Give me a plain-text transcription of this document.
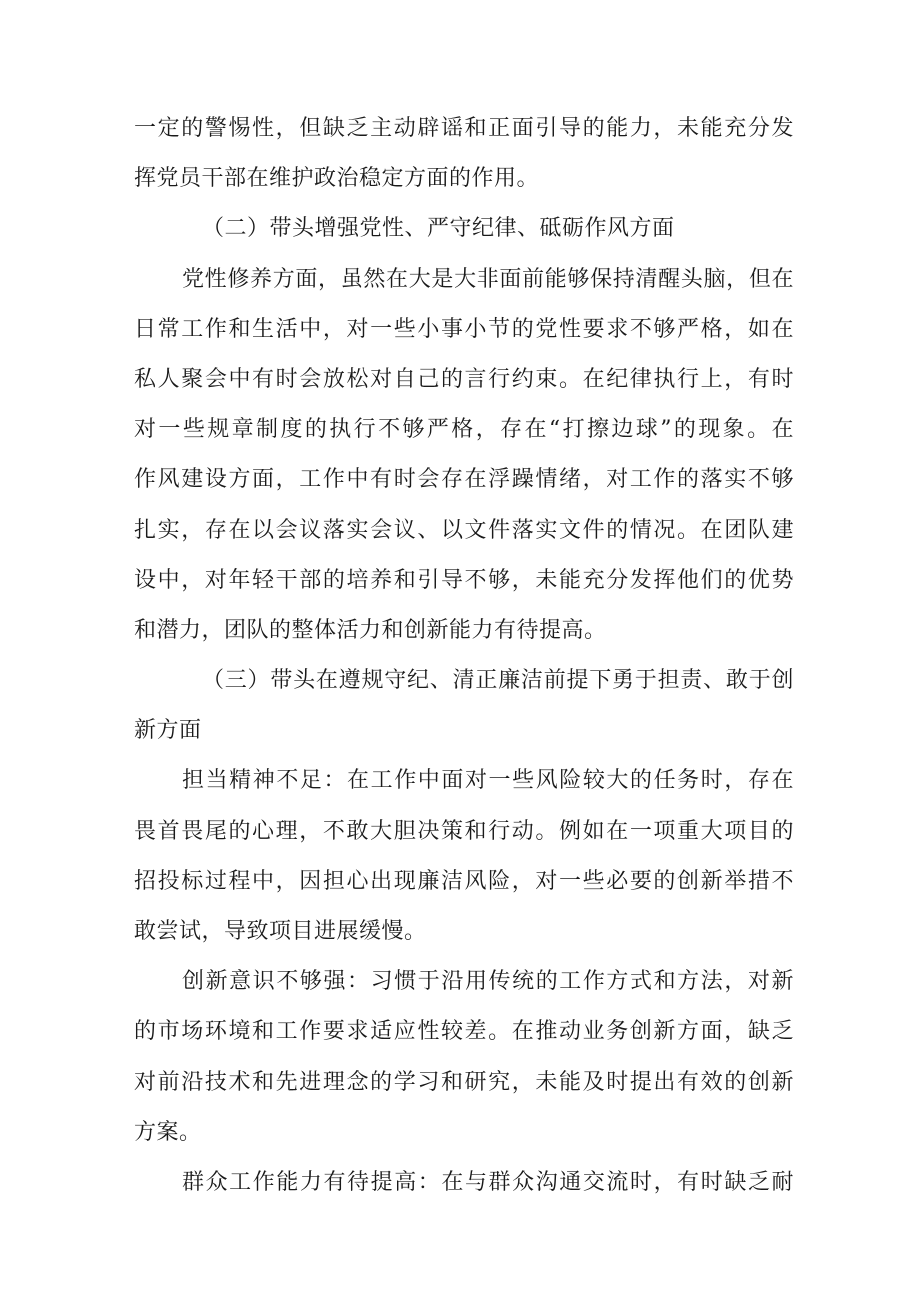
一定的警惕性，但缺乏主动辟谣和正面引导的能力，未能充分发
挥党员干部在维护政治稳定方面的作用。
（二）带头增强党性、严守纪律、砥砺作风方面
党性修养方面，虽然在大是大非面前能够保持清醒头脑，但在
日常工作和生活中，对一些小事小节的党性要求不够严格，如在
私人聚会中有时会放松对自己的言行约束。在纪律执行上，有时
对一些规章制度的执行不够严格，存在“打擦边球”的现象。在
作风建设方面，工作中有时会存在浮躁情绪，对工作的落实不够
扎实，存在以会议落实会议、以文件落实文件的情况。在团队建
设中，对年轻干部的培养和引导不够，未能充分发挥他们的优势
和潜力，团队的整体活力和创新能力有待提高。
（三）带头在遵规守纪、清正廉洁前提下勇于担责、敢于创
新方面
担当精神不足：在工作中面对一些风险较大的任务时，存在
畏首畏尾的心理，不敢大胆决策和行动。例如在一项重大项目的
招投标过程中，因担心出现廉洁风险，对一些必要的创新举措不
敢尝试，导致项目进展缓慢。
创新意识不够强：习惯于沿用传统的工作方式和方法，对新
的市场环境和工作要求适应性较差。在推动业务创新方面，缺乏
对前沿技术和先进理念的学习和研究，未能及时提出有效的创新
方案。
群众工作能力有待提高：在与群众沟通交流时，有时缺乏耐
